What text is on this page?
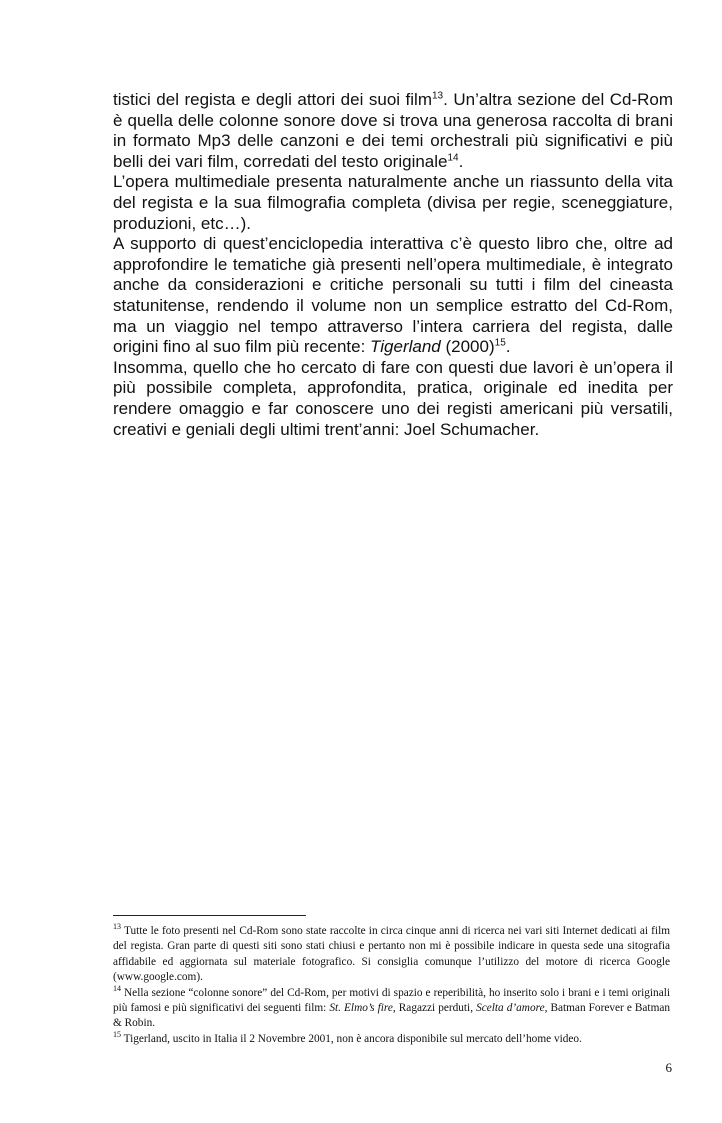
tistici del regista e degli attori dei suoi film$^{13}$. Un’altra sezione del Cd-Rom è quella delle colonne sonore dove si trova una generosa raccolta di brani in formato Mp3 delle canzoni e dei temi orchestrali più significativi e più belli dei vari film, corredati del testo originale$^{14}$.

L’opera multimediale presenta naturalmente anche un riassunto della vita del regista e la sua filmografia completa (divisa per regie, sceneggiature, produzioni, etc…).

A supporto di quest’enciclopedia interattiva c’è questo libro che, oltre ad approfondire le tematiche già presenti nell’opera multimediale, è integrato anche da considerazioni e critiche personali su tutti i film del cineasta statunitense, rendendo il volume non un semplice estratto del Cd-Rom, ma un viaggio nel tempo attraverso l’intera carriera del regista, dalle origini fino al suo film più recente: Tigerland $(2000)^{15}$.

Insomma, quello che ho cercato di fare con questi due lavori è un’opera il più possibile completa, approfondita, pratica, originale ed inedita per rendere omaggio e far conoscere uno dei registi americani più versatili, creativi e geniali degli ultimi trent’anni: Joel Schumacher.

$^{13}$ Tutte le foto presenti nel Cd-Rom sono state raccolte in circa cinque anni di ricerca nei vari siti Internet dedicati ai film del regista. Gran parte di questi siti sono stati chiusi e pertanto non mi è possibile indicare in questa sede una sitografia affidabile ed aggiornata sul materiale fotografico. Si consiglia comunque l’utilizzo del motore di ricerca Google (www.google.com).

$^{14}$ Nella sezione “colonne sonore” del Cd-Rom, per motivi di spazio e reperibilità, ho inserito solo i brani e i temi originali più famosi e più significativi dei seguenti film: St. Elmo’s fire, Ragazzi perduti, Scelta d’amore, Batman Forever e Batman & Robin.

$^{15}$ Tigerland, uscito in Italia il 2 Novembre 2001, non è ancora disponibile sul mercato dell’home video.

6
